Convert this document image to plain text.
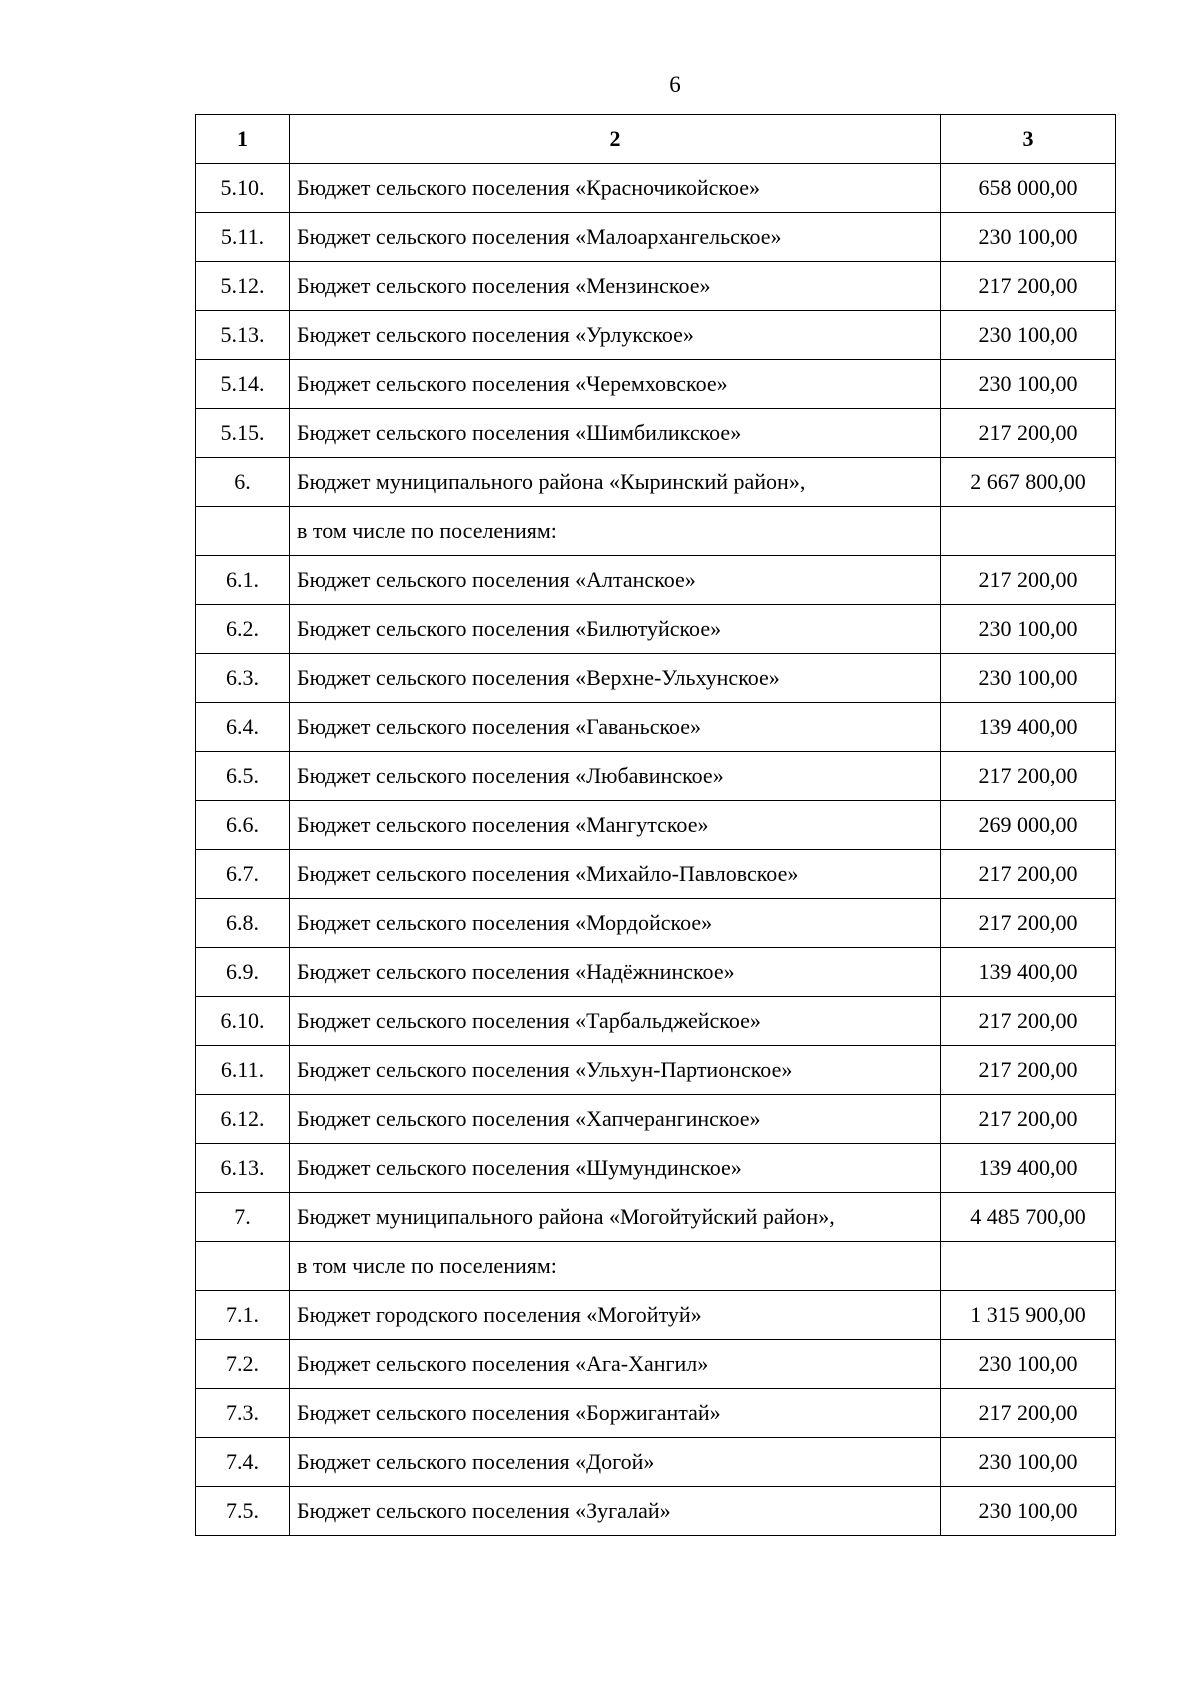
6
1	2	3
5.10.	Бюджет сельского поселения «Красночикойское»	658 000,00
5.11.	Бюджет сельского поселения «Малоархангельское»	230 100,00
5.12.	Бюджет сельского поселения «Мензинское»	217 200,00
5.13.	Бюджет сельского поселения «Урлукское»	230 100,00
5.14.	Бюджет сельского поселения «Черемховское»	230 100,00
5.15.	Бюджет сельского поселения «Шимбиликское»	217 200,00
6.	Бюджет муниципального района «Кыринский район»,	2 667 800,00
	в том числе по поселениям:	
6.1.	Бюджет сельского поселения «Алтанское»	217 200,00
6.2.	Бюджет сельского поселения «Билютуйское»	230 100,00
6.3.	Бюджет сельского поселения «Верхне-Ульхунское»	230 100,00
6.4.	Бюджет сельского поселения «Гаваньское»	139 400,00
6.5.	Бюджет сельского поселения «Любавинское»	217 200,00
6.6.	Бюджет сельского поселения «Мангутское»	269 000,00
6.7.	Бюджет сельского поселения «Михайло-Павловское»	217 200,00
6.8.	Бюджет сельского поселения «Мордойское»	217 200,00
6.9.	Бюджет сельского поселения «Надёжнинское»	139 400,00
6.10.	Бюджет сельского поселения «Тарбальджейское»	217 200,00
6.11.	Бюджет сельского поселения «Ульхун-Партионское»	217 200,00
6.12.	Бюджет сельского поселения «Хапчерангинское»	217 200,00
6.13.	Бюджет сельского поселения «Шумундинское»	139 400,00
7.	Бюджет муниципального района «Могойтуйский район»,	4 485 700,00
	в том числе по поселениям:	
7.1.	Бюджет городского поселения «Могойтуй»	1 315 900,00
7.2.	Бюджет сельского поселения «Ага-Хангил»	230 100,00
7.3.	Бюджет сельского поселения «Боржигантай»	217 200,00
7.4.	Бюджет сельского поселения «Догой»	230 100,00
7.5.	Бюджет сельского поселения «Зугалай»	230 100,00
